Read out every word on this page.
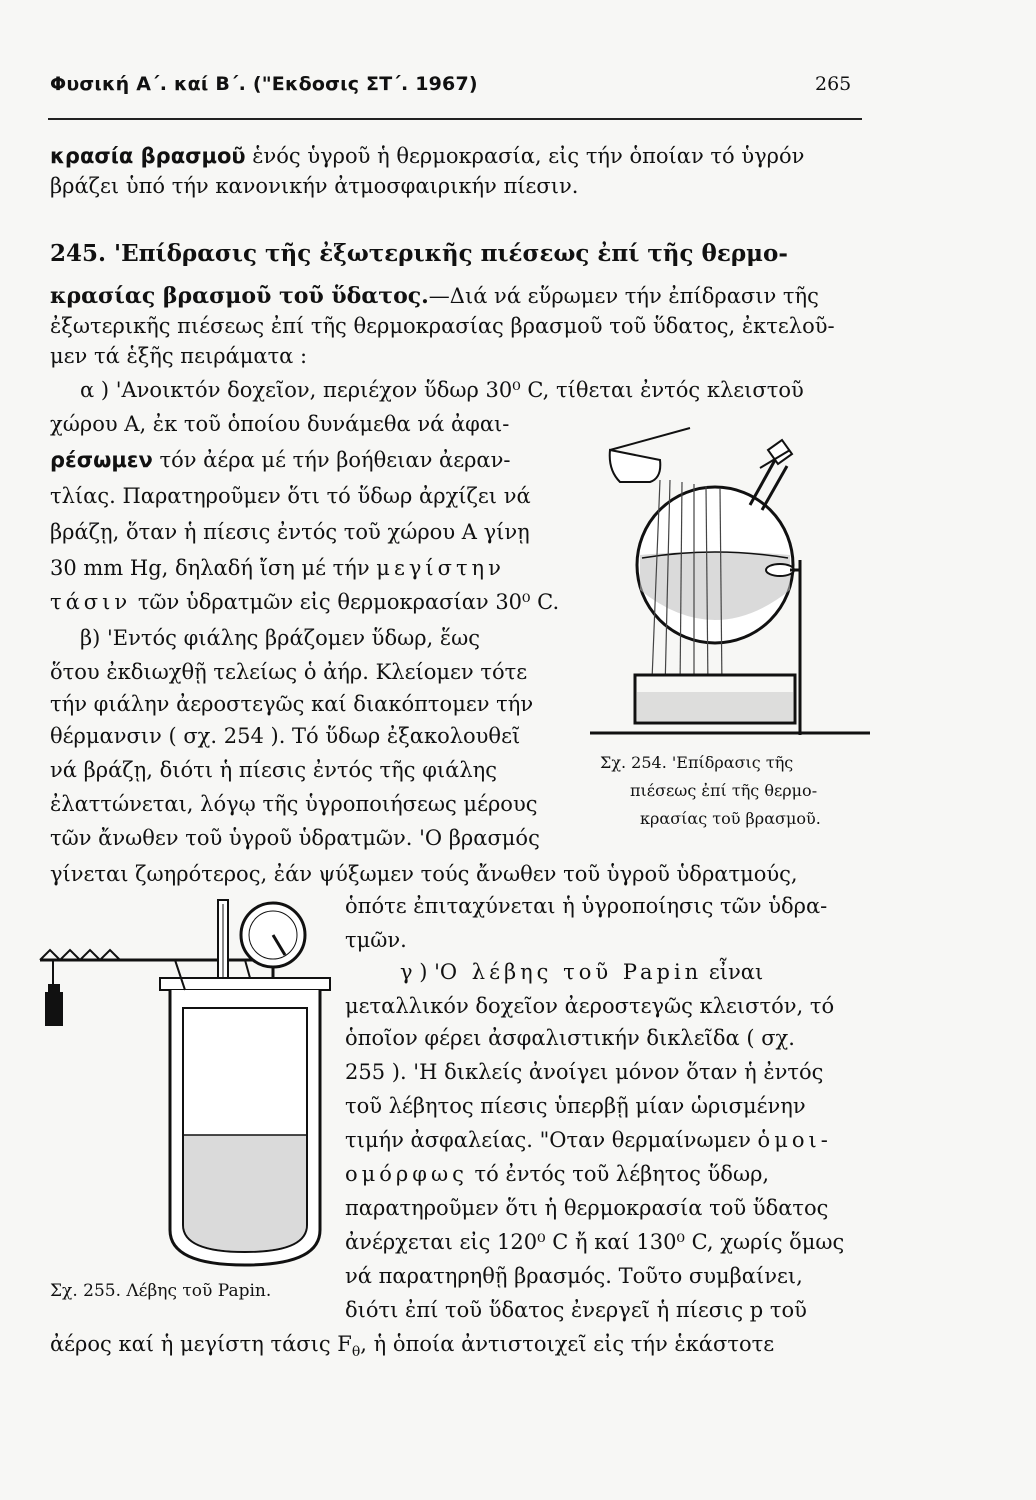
Φυσική Α΄. καί Β΄. ("Εκδοσις ΣΤ΄. 1967)	265
κρασία βρασμοῦ ἑνός ὑγροῦ ἡ θερμοκρασία, εἰς τήν ὁποίαν τό ὑγρόν
βράζει ὑπό τήν κανονικήν ἀτμοσφαιρικήν πίεσιν.
245. 'Επίδρασις τῆς ἐξωτερικῆς πιέσεως ἐπί τῆς θερμο-
κρασίας βρασμοῦ τοῦ ὕδατος.—Διά νά εὕρωμεν τήν ἐπίδρασιν τῆς
ἐξωτερικῆς πιέσεως ἐπί τῆς θερμοκρασίας βρασμοῦ τοῦ ὕδατος, ἐκτελοῦ-
μεν τά ἑξῆς πειράματα :
α ) 'Ανοικτόν δοχεῖον, περιέχον ὕδωρ 30⁰ C, τίθεται ἐντός κλειστοῦ
χώρου Α, ἐκ τοῦ ὁποίου δυνάμεθα νά ἀφαι-
ρέσωμεν τόν ἀέρα μέ τήν βοήθειαν ἀεραν-
τλίας. Παρατηροῦμεν ὅτι τό ὕδωρ ἀρχίζει νά
βράζῃ, ὅταν ἡ πίεσις ἐντός τοῦ χώρου Α γίνῃ
30 mm Hg, δηλαδή ἴση μέ τήν μεγίστην
τάσιν τῶν ὑδρατμῶν εἰς θερμοκρασίαν 30⁰ C.
β) 'Εντός φιάλης βράζομεν ὕδωρ, ἕως
ὅτου ἐκδιωχθῇ τελείως ὁ ἀήρ. Κλείομεν τότε
τήν φιάλην ἀεροστεγῶς καί διακόπτομεν τήν
θέρμανσιν ( σχ. 254 ). Τό ὕδωρ ἐξακολουθεῖ
νά βράζῃ, διότι ἡ πίεσις ἐντός τῆς φιάλης
ἐλαττώνεται, λόγῳ τῆς ὑγροποιήσεως μέρους
τῶν ἄνωθεν τοῦ ὑγροῦ ὑδρατμῶν. 'Ο βρασμός
γίνεται ζωηρότερος, ἐάν ψύξωμεν τούς ἄνωθεν τοῦ ὑγροῦ ὑδρατμούς,
ὁπότε ἐπιταχύνεται ἡ ὑγροποίησις τῶν ὑδρα-
τμῶν.
γ ) 'Ο λέβης τοῦ Papin εἶναι
μεταλλικόν δοχεῖον ἀεροστεγῶς κλειστόν, τό
ὁποῖον φέρει ἀσφαλιστικήν δικλεῖδα ( σχ.
255 ). 'Η δικλείς ἀνοίγει μόνον ὅταν ἡ ἐντός
τοῦ λέβητος πίεσις ὑπερβῇ μίαν ὡρισμένην
τιμήν ἀσφαλείας. "Οταν θερμαίνωμεν ὁμοι-
ομόρφως τό ἐντός τοῦ λέβητος ὕδωρ,
παρατηροῦμεν ὅτι ἡ θερμοκρασία τοῦ ὕδατος
ἀνέρχεται εἰς 120⁰ C ἤ καί 130⁰ C, χωρίς ὅμως
νά παρατηρηθῇ βρασμός. Τοῦτο συμβαίνει,
διότι ἐπί τοῦ ὕδατος ἐνεργεῖ ἡ πίεσις p τοῦ
ἀέρος καί ἡ μεγίστη τάσις $F_\theta$, ἡ ὁποία ἀντιστοιχεῖ εἰς τήν ἑκάστοτε
Σχ. 254. 'Επίδρασις τῆς
πιέσεως ἐπί τῆς θερμο-
κρασίας τοῦ βρασμοῦ.
Σχ. 255. Λέβης τοῦ Papin.
